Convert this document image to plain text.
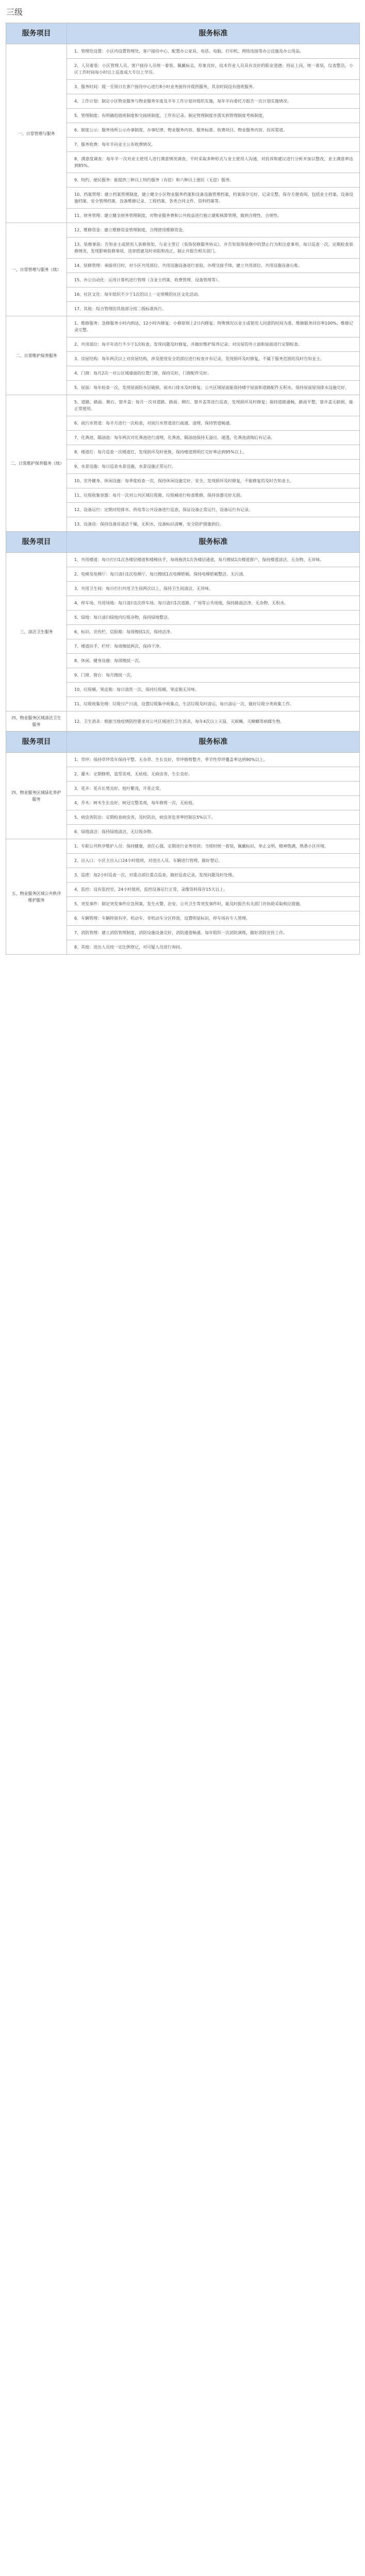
三级
服务项目	服务标准
一、日常管理与服务	1、管理处设置：小区内设置管理处、客户接待中心，配置办公家具、电话、电脑、打印机、网络连接等办公设施及办公用品。
	2、人员着装：小区管理人员、客户接待人员统一着装，佩戴标志，形象良好，技术作业人员具有良好的职业道德；持证上岗，统一着装，仪表整洁，小区工作时间每小时以上巡查或大专以上学历。
	3、服务时间：提一至周日在客户接待中心进行8小时业务接待并提供服务，其余时间设有值班服务。
	4、工作计划：制定小区物业服务与物业服务年度及半年工作计划并组织实施，每年半向委托方报告一次计划实施情况。
	5、管理制度：有明确的值班制度和交接班制度，工作有记录。制定管理制度并落实到管理制度考核制度。
	6、制度公示：服务场所公示办事制度、办事纪律、物业服务内容、服务标准、收费项目、物业服务内容、投诉渠道。
	7、服务收费：每年半向业主公布收费情况。
	8、满意度调查：每年半一次对业主使用人进行满意情况调查，平时采取多种形式与业主使用人沟通，对投诉和建议进行分析并加以整改，业主满意率达到85%。
	9、特约、便民服务：能提供三种以上特约服务（有偿）和六种以上便民（无偿）服务。
	10、档案管理：建立档案管理制度，建立健全小区物业服务档案和设备设施管理档案，档案保存完好，记录完整，保存方便查阅，包括业主档案、设备设施档案、安全管理档案、设备维修记录、工程档案、各类合同文件、资料档案等。
	11、财务管理：建立健全财务管理制度，对物业服务费和公共收益进行独立建账核算管理，做到合理性、合规性。
一、日常管理与服务（续）	12、维修资金：建立维修资金管理制度，合理使用维修资金。
	13、装修事前：告知业主或使用人装修须知，与业主签订《装饰装修服务协议》，并告知装饰装修中的禁止行为和注意事项，每日巡查一次，定期检查装修情况，发现影响装修事项、违章搭建及时劝阻和改正，制止并报告相关部门。
	14、装修管理：承接项目时，对小区共用部位、共用设施设备进行查验，办理交接手续，建立共用部位、共用设施设备台账。
	15、办公自动化：运用计算机进行管理（含业主档案、收费管理、设备管理等）。
	16、社区文化：每年组织不少于1次的以上一定规模的社区文化活动。
	17、其他：综合管理的其他部分按二级标准执行。
二、日常维护保养服务	1、维修服务：急修服务小时内到达，12小时内修复；小修原则上2日内修复；特殊情况以业主或使用人同意的时间为准，维修服务回访率100%，维修记录完整。
	2、共用部位：每半年进行不少于1次检查，发现问题及时修复，并做好维护保养记录；对房屋的外立面和屋面进行定期检查。
	3、房屋结构：每年两次以上对房屋结构、涉及使用安全的部位进行检查并有记录，发现损坏及时修复，不属于服务范围的及时告知业主。
	4、门窗：每月2次一对公区域墙面的位置门窗，保持完好，门窗配件完好。
	5、屋面：每年检查一次，发现屋面防水层破损，雨水口排水及时修复；公共区域屋面能保持楼宇屋面和道路配件无积水，保持屋面屋顶排水设施完好。
二、日常维护保养服务（续）	5、道路、路面、侧石、窨井盖：每月一次对道路、路面、侧石、窨井盖等进行巡查，发现损坏及时修复；保持道路通畅，路面平整，窨井盖无缺损，能正常使用。
	6、雨污水管道：每半月进行一次检查，对雨污水管道进行疏通、清理，保持管道畅通。
	7、化粪池、隔油池：每年两次对化粪池进行清理，化粪池、隔油池保持无溢出、通透，化粪池清掏后有记录。
	8、楼道灯：每月巡查一次楼道灯，发现损坏及时更换，保持楼道照明灯完好率达到95%以上。
	9、水景设施：每日巡查水景设施，水景设施正常运行。
	10、室外健身、休闲设施：每季度检查一次，保持休闲设施完好、安全，发现损坏及时修复，不能修复的及时告知业主。
	11、垃圾收集容器：每月一次对公共区域垃圾箱、垃圾桶进行检查维修，保持容器完好无损。
	12、设备运行：定期对给排水、供电等公共设备进行巡查，保证设备正常运行，设备运行有记录。
	13、设备房：保持设备房清洁干燥，无积水，设备标识清晰，安全防护措施到位。
服务项目	服务标准
三、清洁卫生服务	1、共用楼道：每日打扫1次各楼层楼道和楼梯扶手，每周拖洗1次各楼层通道，每月擦拭1次楼道窗户，保持楼道清洁、无杂物、无异味。
	2、电梯及电梯厅：每日清扫1次电梯厅，每日擦拭1次电梯轿厢，保持电梯轿厢整洁、无污渍。
	3、共用卫生间：每日打扫共用卫生间两次以上，保持卫生间清洁、无异味。
	4、停车场、共用场地：每日清扫1次停车场、每日清扫1次道路、广场等公共场地，保持路面洁净、无杂物、无积水。
	5、绿地：每日清扫绿地内垃圾杂物，保持绿地整洁。
	6、标识、宣传栏、信报箱：每周擦拭1次，保持洁净。
	7、楼道扶手、栏杆：每周擦拭两次，保持干净。
	8、休闲、健身设施：每周擦拭一次。
	9、门窗、窗台：每月擦拭一次。
	10、垃圾桶、果皮箱：每日清洗一次，保持垃圾桶、果皮箱无异味。
	11、垃圾收集处理：垃圾日产日清，设置垃圾集中收集点，生活垃圾及时清运，每日清运一次，做好垃圾分类收集工作。
四、物业服务区域清洁卫生服务	12、卫生消杀：根据当地疫情防控要求对公共区域进行卫生消杀，每年4次以上灭鼠、灭蚊蝇、灭蟑螂等病媒生物。
服务项目	服务标准
四、物业服务区域绿化养护服务	1、草坪：保持草坪常年保持平整、无杂草、生长良好，草坪修剪整齐，季节性草坪覆盖率达到90%以上。
	2、灌木：定期修剪，造型美观，无枯枝、无病虫害，生长良好。
	3、花卉：花卉长势良好，枝叶繁茂，开花正常。
	4、乔木：树木生长良好，树冠完整美观，每年修剪一次，无枯枝。
	5、病虫害防治：定期检查病虫害，及时防治，病虫害危害率控制在5%以下。
	6、绿地清洁：保持绿地清洁，无垃圾杂物。
五、物业服务区域公共秩序维护服务	1、专职公共秩序维护人员：保持健康，责任心强，定期进行业务培训；当班时统一着装，佩戴标识，举止文明，精神饱满，熟悉小区环境。
	2、出入口：小区主出入口24小时值班，对进出人员、车辆进行管理，做好登记。
	3、巡逻：每2小时巡查一次，对重点部位重点巡查，做好巡查记录，发现问题及时处理。
	4、监控：设有监控室，24小时值班，监控设备运行正常，录像资料保存15天以上。
	5、突发事件：制定突发事件应急预案，发生火警、治安、公共卫生等突发事件时，能及时报告有关部门并协助采取相应措施。
	6、车辆管理：车辆停放有序，机动车、非机动车分区停放，设置明显标识，停车场有专人管理。
	7、消防管理：建立消防管理制度，消防设施设备完好，消防通道畅通。每年组织一次消防演练，做好消防宣传工作。
	8、其他：进出人员按一定比例登记，对可疑人员进行询问。
